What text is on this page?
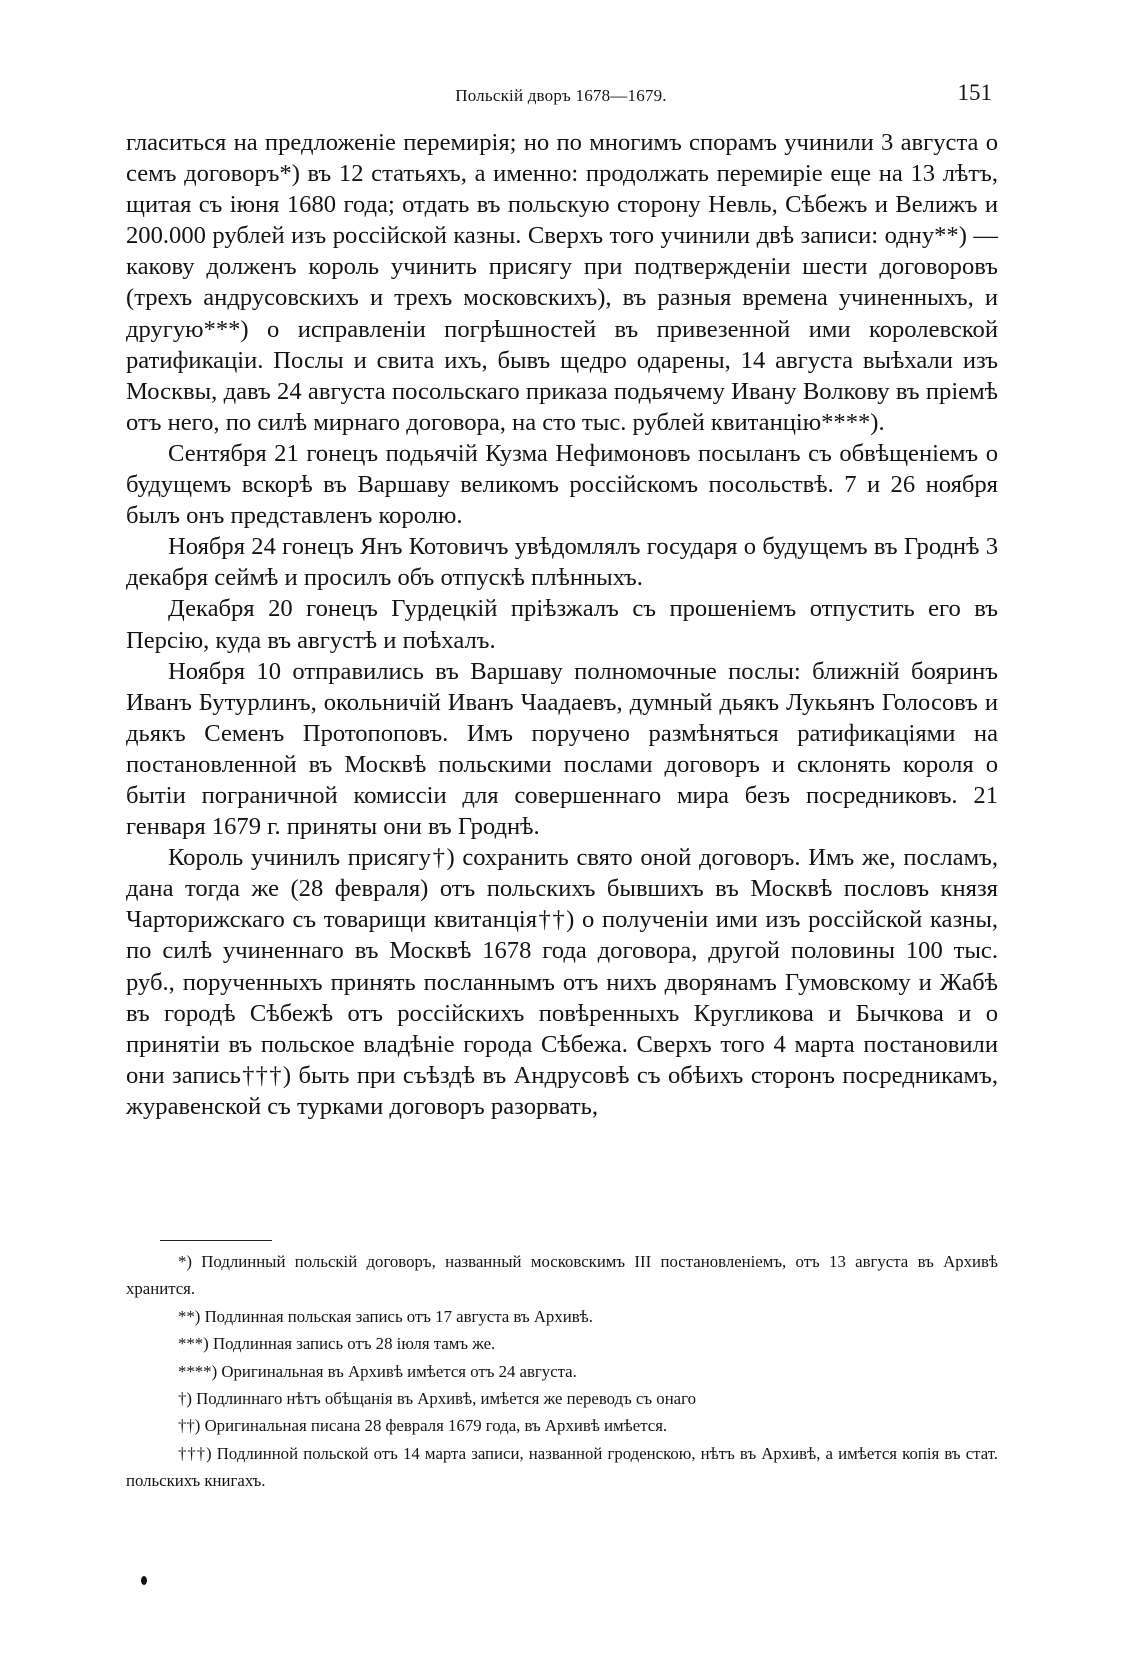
Польскій дворъ 1678—1679.	151

гласиться на предложеніе перемирія; но по многимъ спорамъ учинили 3 августа о семъ договоръ*) въ 12 статьяхъ, а именно: продолжать перемиріе еще на 13 лѣтъ, щитая съ іюня 1680 года; отдать въ польскую сторону Невль, Сѣбежъ и Велижъ и 200.000 рублей изъ россійской казны. Сверхъ того учинили двѣ записи: одну**) — какову долженъ король учинить присягу при подтвержденіи шести договоровъ (трехъ андрусовскихъ и трехъ московскихъ), въ разныя времена учиненныхъ, и другую***) о исправленіи погрѣшностей въ привезенной ими королевской ратификаціи. Послы и свита ихъ, бывъ щедро одарены, 14 августа выѣхали изъ Москвы, давъ 24 августа посольскаго приказа подьячему Ивану Волкову въ пріемѣ отъ него, по силѣ мирнаго договора, на сто тыс. рублей квитанцію****).

Сентября 21 гонецъ подьячій Кузма Нефимоновъ посыланъ съ обвѣщеніемъ о будущемъ вскорѣ въ Варшаву великомъ россійскомъ посольствѣ. 7 и 26 ноября былъ онъ представленъ королю.

Ноября 24 гонецъ Янъ Котовичъ увѣдомлялъ государя о будущемъ въ Гроднѣ 3 декабря сеймѣ и просилъ объ отпускѣ плѣнныхъ.

Декабря 20 гонецъ Гурдецкій пріѣзжалъ съ прошеніемъ отпустить его въ Персію, куда въ августѣ и поѣхалъ.

Ноября 10 отправились въ Варшаву полномочные послы: ближній бояринъ Иванъ Бутурлинъ, окольничій Иванъ Чаадаевъ, думный дьякъ Лукьянъ Голосовъ и дьякъ Семенъ Протопоповъ. Имъ поручено размѣняться ратификаціями на постановленной въ Москвѣ польскими послами договоръ и склонять короля о бытіи пограничной комиссіи для совершеннаго мира безъ посредниковъ. 21 генваря 1679 г. приняты они въ Гроднѣ.

Король учинилъ присягу†) сохранить свято оной договоръ. Имъ же, посламъ, дана тогда же (28 февраля) отъ польскихъ бывшихъ въ Москвѣ пословъ князя Чарторижскаго съ товарищи квитанція††) о полученіи ими изъ россійской казны, по силѣ учиненнаго въ Москвѣ 1678 года договора, другой половины 100 тыс. руб., порученныхъ принять посланнымъ отъ нихъ дворянамъ Гумовскому и Жабѣ въ городѣ Сѣбежѣ отъ россійскихъ повѣренныхъ Кругликова и Бычкова и о принятіи въ польское владѣніе города Сѣбежа. Сверхъ того 4 марта постановили они запись†††) быть при съѣздѣ въ Андрусовѣ съ обѣихъ сторонъ посредникамъ, журавенской съ турками договоръ разорвать,

*) Подлинный польскій договоръ, названный московскимъ III постановленіемъ, отъ 13 августа въ Архивѣ хранится.

**) Подлинная польская запись отъ 17 августа въ Архивѣ.

***) Подлинная запись отъ 28 іюля тамъ же.

****) Оригинальная въ Архивѣ имѣется отъ 24 августа.

†) Подлиннаго нѣтъ обѣщанія въ Архивѣ, имѣется же переводъ съ онаго

††) Оригинальная писана 28 февраля 1679 года, въ Архивѣ имѣется.

†††) Подлинной польской отъ 14 марта записи, названной гроденскою, нѣтъ въ Архивѣ, а имѣется копія въ стат. польскихъ книгахъ.
